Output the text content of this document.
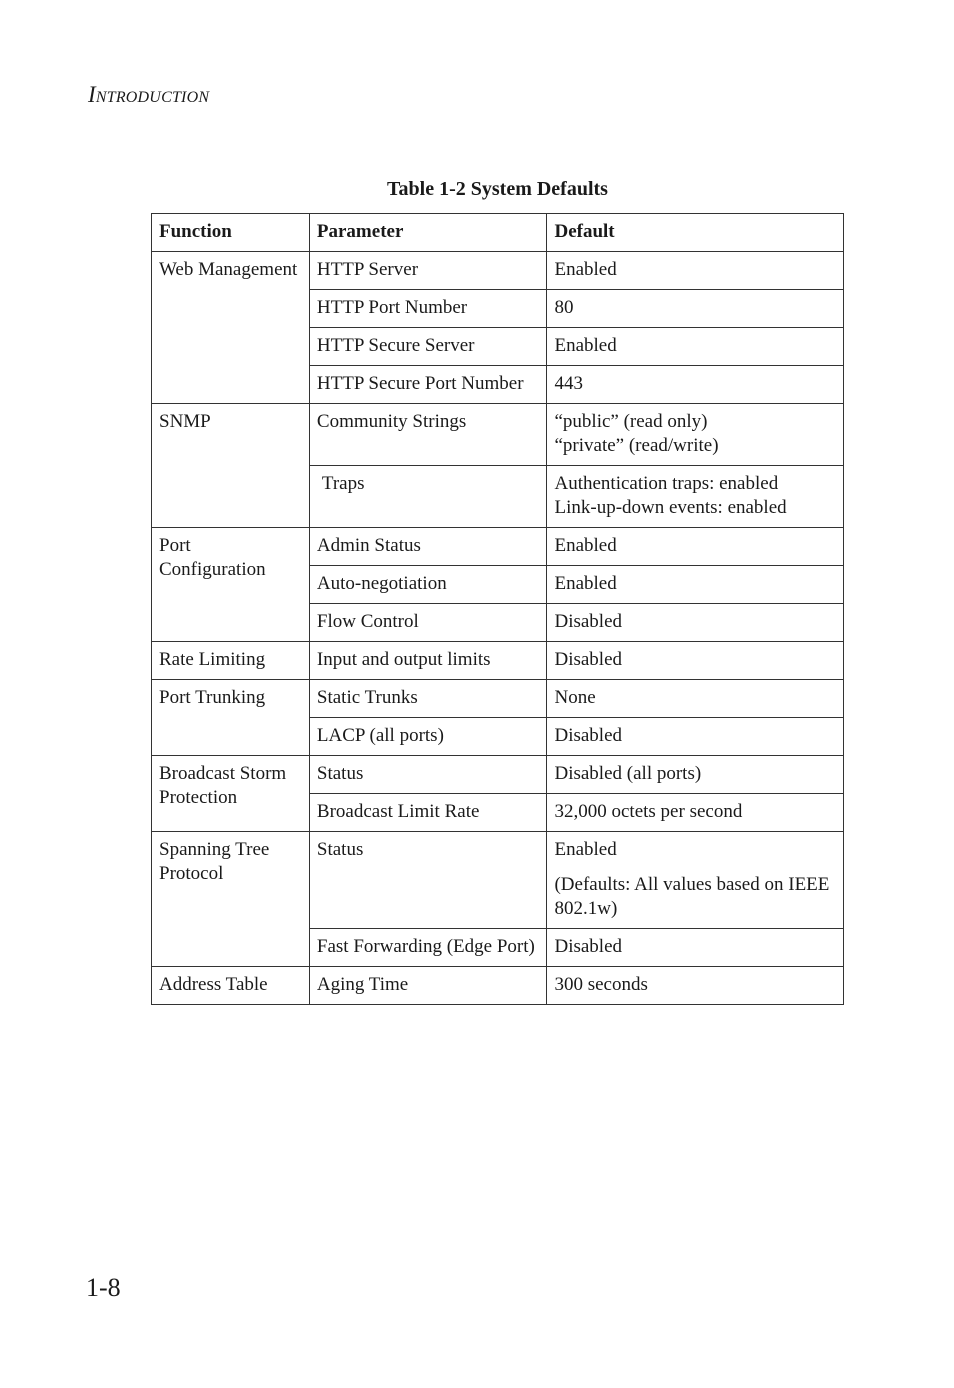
INTRODUCTION
Table 1-2 System Defaults
Function	Parameter	Default
Web Management	HTTP Server	Enabled
	HTTP Port Number	80
	HTTP Secure Server	Enabled
	HTTP Secure Port Number	443
SNMP	Community Strings	“public” (read only)
“private” (read/write)

	Traps	Authentication traps: enabled
Link-up-down events: enabled

Port Configuration	Admin Status	Enabled
	Auto-negotiation	Enabled
	Flow Control	Disabled
Rate Limiting	Input and output limits	Disabled
Port Trunking	Static Trunks	None
	LACP (all ports)	Disabled
Broadcast Storm Protection	Status	Disabled (all ports)
	Broadcast Limit Rate	32,000 octets per second
Spanning Tree Protocol	Status	Enabled
(Defaults: All values based on IEEE 802.1w)

	Fast Forwarding (Edge Port)	Disabled
Address Table	Aging Time	300 seconds
1-8
